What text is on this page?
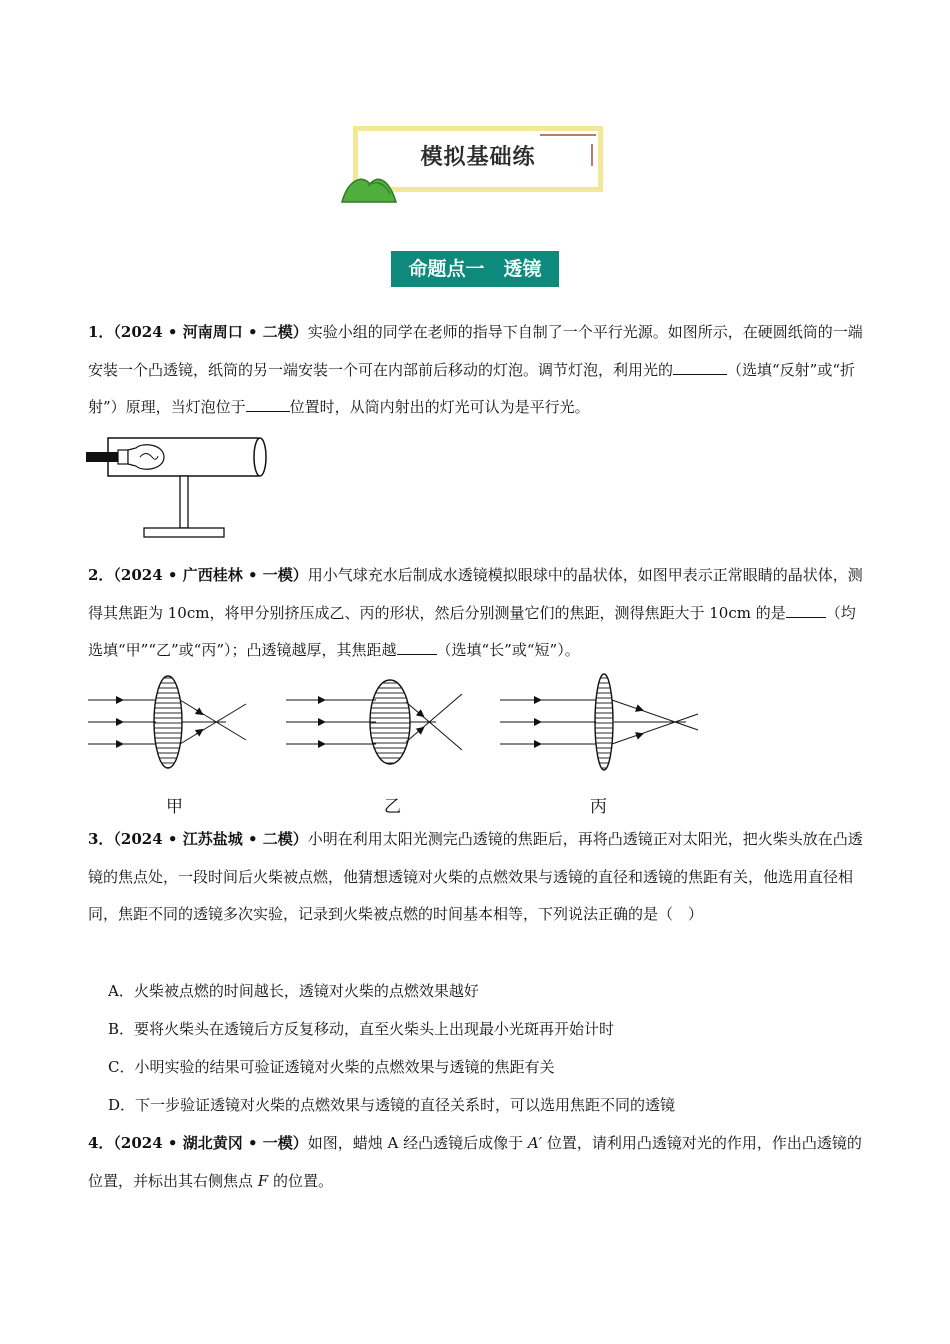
模拟基础练
命题点一　透镜
1．（2024 • 河南周口 • 二模）实验小组的同学在老师的指导下自制了一个平行光源。如图所示，在硬圆纸筒的一端安装一个凸透镜，纸筒的另一端安装一个可在内部前后移动的灯泡。调节灯泡，利用光的	（选填“反射”或“折射”）原理，当灯泡位于	位置时，从筒内射出的灯光可认为是平行光。
2．（2024 • 广西桂林 • 一模）用小气球充水后制成水透镜模拟眼球中的晶状体，如图甲表示正常眼睛的晶状体，测得其焦距为 10cm，将甲分别挤压成乙、丙的形状，然后分别测量它们的焦距，测得焦距大于 10cm 的是	（均选填“甲”“乙”或“丙”）；凸透镜越厚，其焦距越	（选填“长”或“短”）。
甲	乙	丙
3．（2024 • 江苏盐城 • 二模）小明在利用太阳光测完凸透镜的焦距后，再将凸透镜正对太阳光，把火柴头放在凸透镜的焦点处，一段时间后火柴被点燃，他猜想透镜对火柴的点燃效果与透镜的直径和透镜的焦距有关，他选用直径相同，焦距不同的透镜多次实验，记录到火柴被点燃的时间基本相等，下列说法正确的是（　）
A．火柴被点燃的时间越长，透镜对火柴的点燃效果越好
B．要将火柴头在透镜后方反复移动，直至火柴头上出现最小光斑再开始计时
C．小明实验的结果可验证透镜对火柴的点燃效果与透镜的焦距有关
D．下一步验证透镜对火柴的点燃效果与透镜的直径关系时，可以选用焦距不同的透镜
4．（2024 • 湖北黄冈 • 一模）如图，蜡烛 A 经凸透镜后成像于 A′ 位置，请利用凸透镜对光的作用，作出凸透镜的位置，并标出其右侧焦点 F 的位置。
